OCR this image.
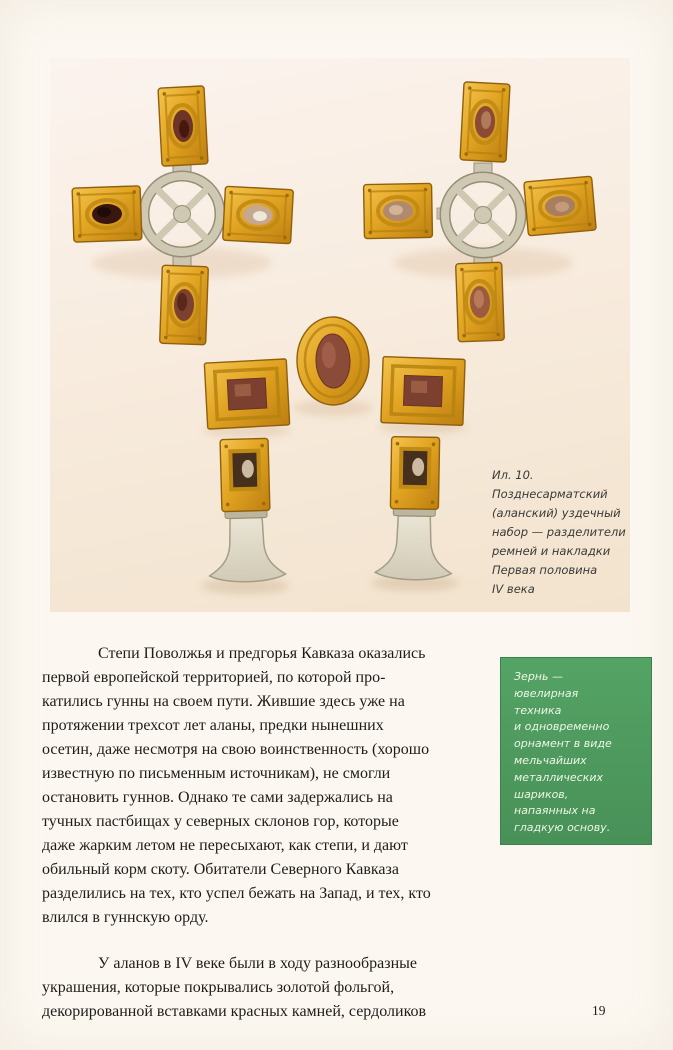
Ил. 10.
Позднесарматский
(аланский) уздечный
набор — разделители
ремней и накладки
Первая половина
IV века
Степи Поволжья и предгорья Кавказа оказались
первой европейской территорией, по которой про-
катились гунны на своем пути. Жившие здесь уже на
протяжении трехсот лет аланы, предки нынешних
осетин, даже несмотря на свою воинственность (хорошо
известную по письменным источникам), не смогли
остановить гуннов. Однако те сами задержались на
тучных пастбищах у северных склонов гор, которые
даже жарким летом не пересыхают, как степи, и дают
обильный корм скоту. Обитатели Северного Кавказа
разделились на тех, кто успел бежать на Запад, и тех, кто
влился в гуннскую орду.
У аланов в IV веке были в ходу разнообразные
украшения, которые покрывались золотой фольгой,
декорированной вставками красных камней, сердоликов
Зернь —
ювелирная
техника
и одновременно
орнамент в виде
мельчайших
металлических
шариков,
напаянных на
гладкую основу.
19
